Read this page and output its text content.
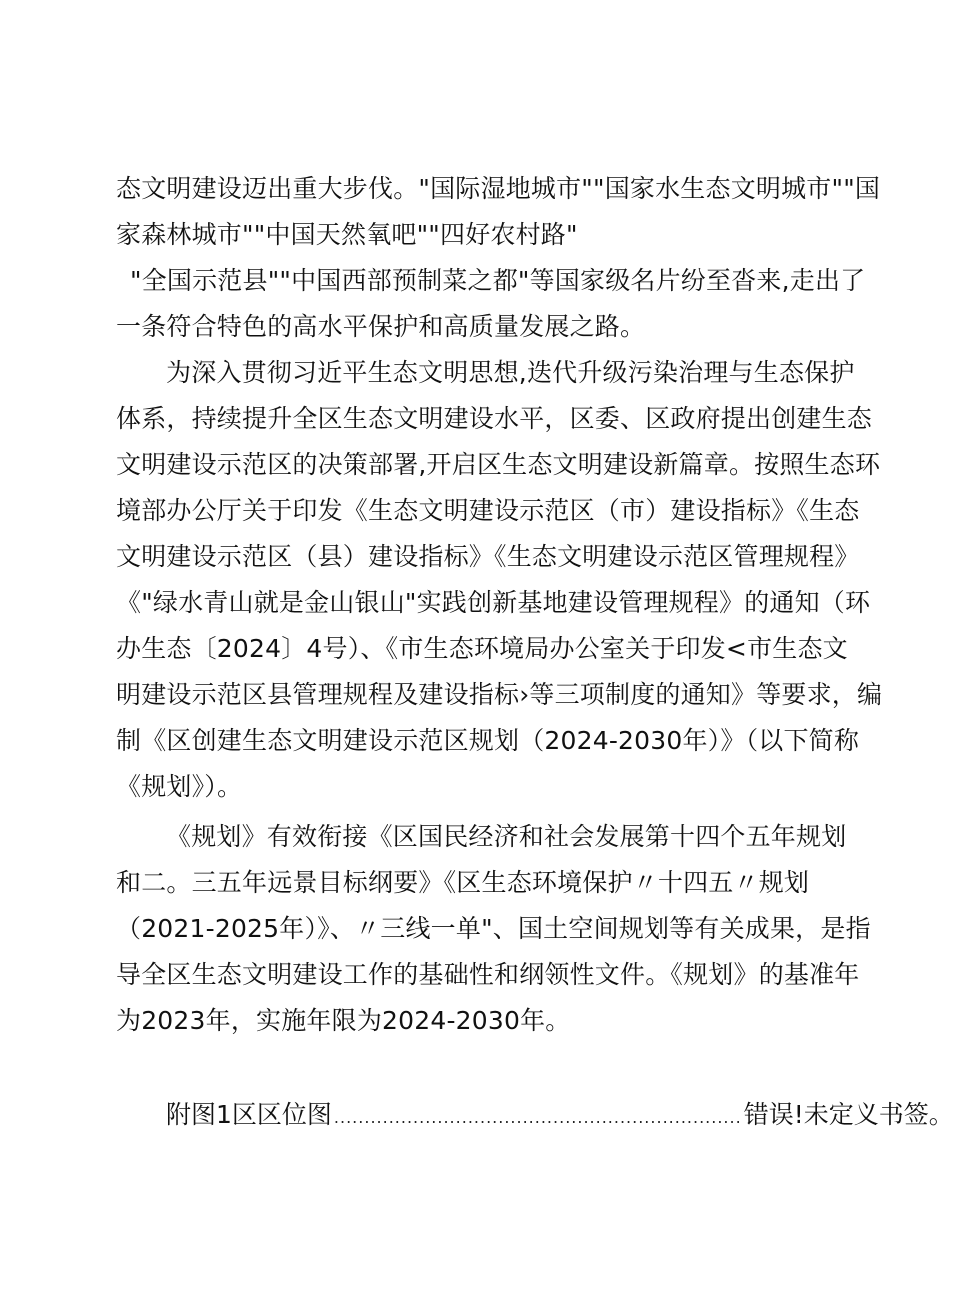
态文明建设迈出重大步伐。"国际湿地城市""国家水生态文明城市""国
家森林城市""中国天然氧吧""四好农村路"
"全国示范县""中国西部预制菜之都"等国家级名片纷至沓来,走出了
一条符合特色的高水平保护和高质量发展之路。
为深入贯彻习近平生态文明思想,迭代升级污染治理与生态保护
体系，持续提升全区生态文明建设水平，区委、区政府提出创建生态
文明建设示范区的决策部署,开启区生态文明建设新篇章。按照生态环
境部办公厅关于印发《生态文明建设示范区（市）建设指标》《生态
文明建设示范区（县）建设指标》《生态文明建设示范区管理规程》
《"绿水青山就是金山银山"实践创新基地建设管理规程》的通知（环
办生态〔2024〕4号）、《市生态环境局办公室关于印发<市生态文
明建设示范区县管理规程及建设指标›等三项制度的通知》等要求，编
制《区创建生态文明建设示范区规划（2024-2030年）》（以下简称
《规划》）。
《规划》有效衔接《区国民经济和社会发展第十四个五年规划
和二。三五年远景目标纲要》《区生态环境保护〃十四五〃规划
（2021-2025年）》、〃三线一单"、国土空间规划等有关成果，是指
导全区生态文明建设工作的基础性和纲领性文件。《规划》的基准年
为2023年，实施年限为2024-2030年。
附图1区区位图 ................................................................... 错误!未定义书签。
